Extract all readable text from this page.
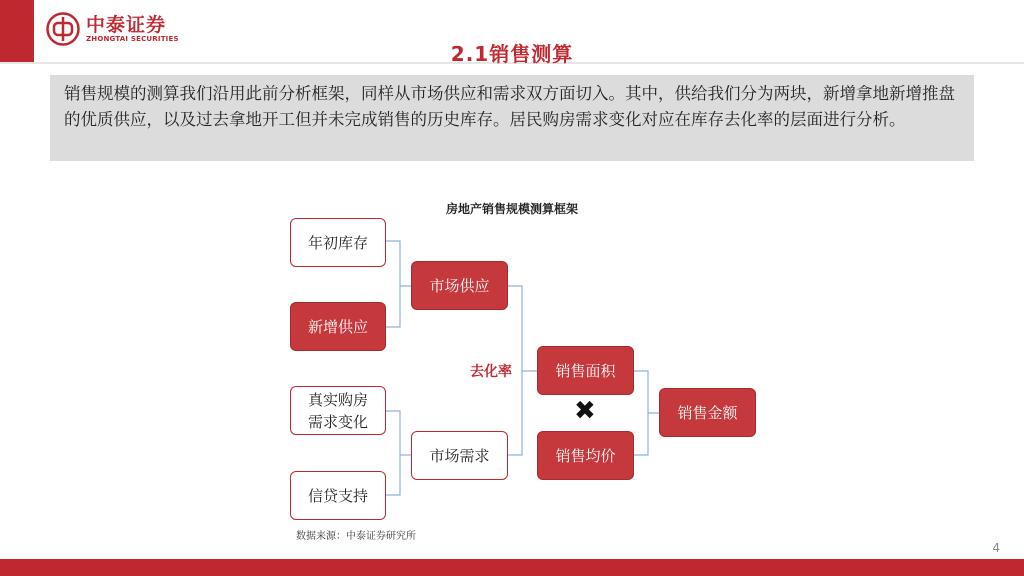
中泰证券
ZHONGTAI SECURITIES
2.1销售测算
销售规模的测算我们沿用此前分析框架，同样从市场供应和需求双方面切入。其中，供给我们分为两块，新增拿地新增推盘的优质供应，以及过去拿地开工但并未完成销售的历史库存。居民购房需求变化对应在库存去化率的层面进行分析。
房地产销售规模测算框架
年初库存
新增供应
真实购房
需求变化
信贷支持
市场供应
市场需求
销售面积
销售均价
销售金额
去化率
✖
数据来源：中泰证券研究所
4
